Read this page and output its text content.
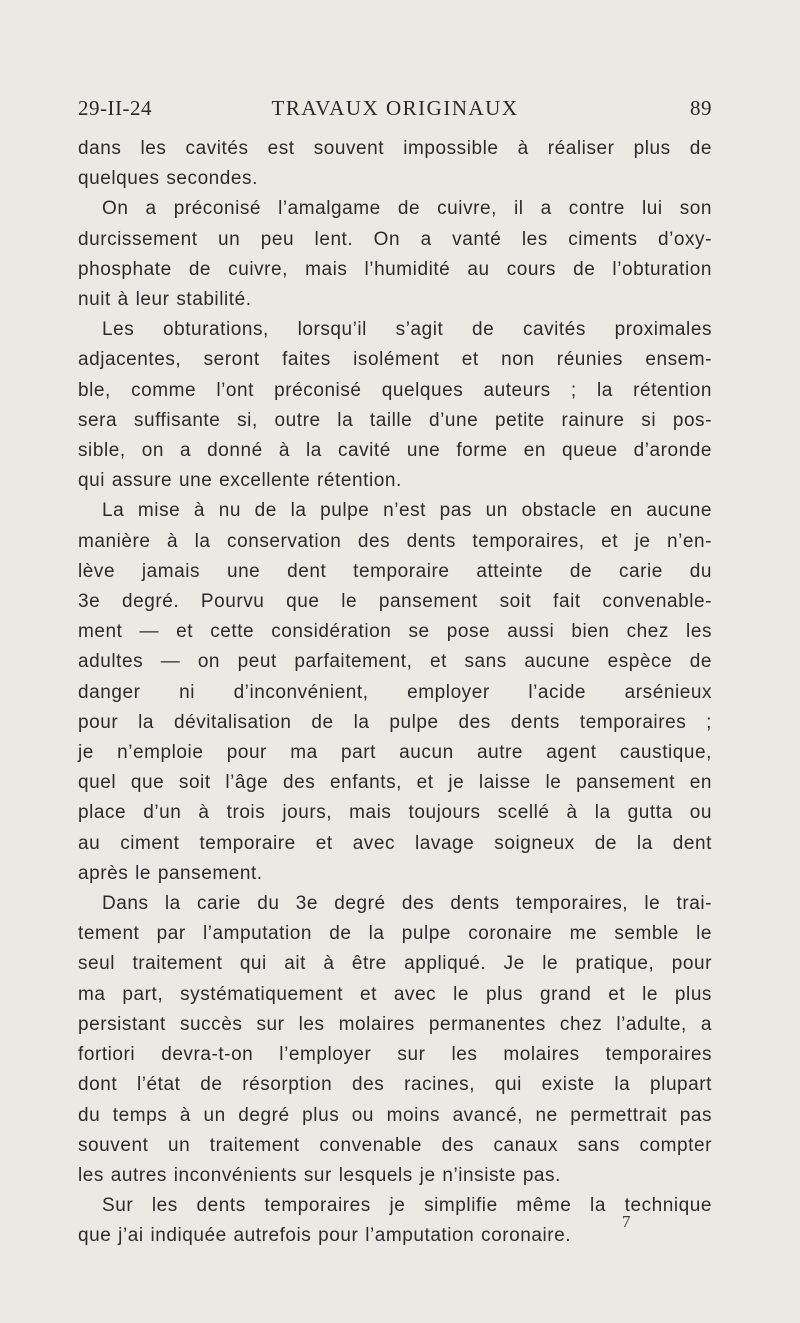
29-II-24	TRAVAUX ORIGINAUX	89
dans les cavités est souvent impossible à réaliser plus de
quelques secondes.
On a préconisé l’amalgame de cuivre, il a contre lui son
durcissement un peu lent. On a vanté les ciments d’oxy-
phosphate de cuivre, mais l’humidité au cours de l’obturation
nuit à leur stabilité.
Les obturations, lorsqu’il s’agit de cavités proximales
adjacentes, seront faites isolément et non réunies ensem-
ble, comme l’ont préconisé quelques auteurs ; la rétention
sera suffisante si, outre la taille d’une petite rainure si pos-
sible, on a donné à la cavité une forme en queue d’aronde
qui assure une excellente rétention.
La mise à nu de la pulpe n’est pas un obstacle en aucune
manière à la conservation des dents temporaires, et je n’en-
lève jamais une dent temporaire atteinte de carie du
3e degré. Pourvu que le pansement soit fait convenable-
ment — et cette considération se pose aussi bien chez les
adultes — on peut parfaitement, et sans aucune espèce de
danger ni d’inconvénient, employer l’acide arsénieux
pour la dévitalisation de la pulpe des dents temporaires ;
je n’emploie pour ma part aucun autre agent caustique,
quel que soit l’âge des enfants, et je laisse le pansement en
place d’un à trois jours, mais toujours scellé à la gutta ou
au ciment temporaire et avec lavage soigneux de la dent
après le pansement.
Dans la carie du 3e degré des dents temporaires, le trai-
tement par l’amputation de la pulpe coronaire me semble le
seul traitement qui ait à être appliqué. Je le pratique, pour
ma part, systématiquement et avec le plus grand et le plus
persistant succès sur les molaires permanentes chez l’adulte, a
fortiori devra-t-on l’employer sur les molaires temporaires
dont l’état de résorption des racines, qui existe la plupart
du temps à un degré plus ou moins avancé, ne permettrait pas
souvent un traitement convenable des canaux sans compter
les autres inconvénients sur lesquels je n’insiste pas.
Sur les dents temporaires je simplifie même la technique
que j’ai indiquée autrefois pour l’amputation coronaire.
7
